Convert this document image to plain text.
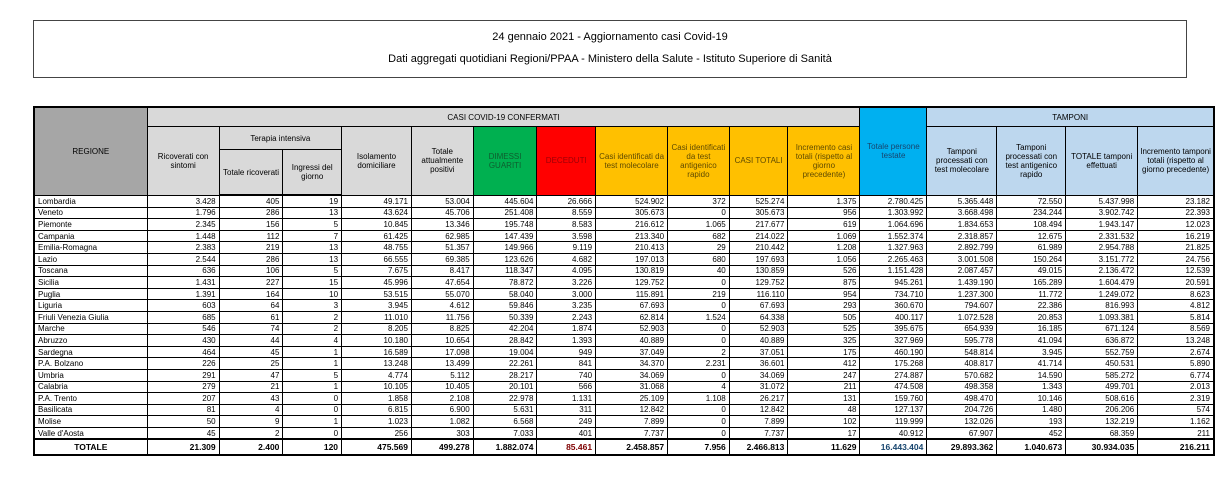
24 gennaio 2021 - Aggiornamento casi Covid-19
Dati aggregati quotidiani Regioni/PPAA - Ministero della Salute - Istituto Superiore di Sanità
REGIONE	CASI COVID-19 CONFERMATI											Totale persone testate	TAMPONI			
	Ricoverati con sintomi	Terapia intensiva		Isolamento domiciliare	Totale attualmente positivi	DIMESSI GUARITI	DECEDUTI	Casi identificati da test molecolare	Casi identificati da test antigenico rapido	CASI TOTALI	Incremento casi totali (rispetto al giorno precedente)		Tamponi processati con test molecolare	Tamponi processati con test antigenico rapido	TOTALE tamponi effettuati	Incremento tamponi totali (rispetto al giorno precedente)
		Totale ricoverati	Ingressi del giorno													
Lombardia	3.428	405	19	49.171	53.004	445.604	26.666	524.902	372	525.274	1.375	2.780.425	5.365.448	72.550	5.437.998	23.182
Veneto	1.796	286	13	43.624	45.706	251.408	8.559	305.673	0	305.673	956	1.303.992	3.668.498	234.244	3.902.742	22.393
Piemonte	2.345	156	5	10.845	13.346	195.748	8.583	216.612	1.065	217.677	619	1.064.696	1.834.653	108.494	1.943.147	12.023
Campania	1.448	112	7	61.425	62.985	147.439	3.598	213.340	682	214.022	1.069	1.552.374	2.318.857	12.675	2.331.532	16.219
Emilia-Romagna	2.383	219	13	48.755	51.357	149.966	9.119	210.413	29	210.442	1.208	1.327.963	2.892.799	61.989	2.954.788	21.825
Lazio	2.544	286	13	66.555	69.385	123.626	4.682	197.013	680	197.693	1.056	2.265.463	3.001.508	150.264	3.151.772	24.756
Toscana	636	106	5	7.675	8.417	118.347	4.095	130.819	40	130.859	526	1.151.428	2.087.457	49.015	2.136.472	12.539
Sicilia	1.431	227	15	45.996	47.654	78.872	3.226	129.752	0	129.752	875	945.261	1.439.190	165.289	1.604.479	20.591
Puglia	1.391	164	10	53.515	55.070	58.040	3.000	115.891	219	116.110	954	734.710	1.237.300	11.772	1.249.072	8.623
Liguria	603	64	3	3.945	4.612	59.846	3.235	67.693	0	67.693	293	360.670	794.607	22.386	816.993	4.812
Friuli Venezia Giulia	685	61	2	11.010	11.756	50.339	2.243	62.814	1.524	64.338	505	400.117	1.072.528	20.853	1.093.381	5.814
Marche	546	74	2	8.205	8.825	42.204	1.874	52.903	0	52.903	525	395.675	654.939	16.185	671.124	8.569
Abruzzo	430	44	4	10.180	10.654	28.842	1.393	40.889	0	40.889	325	327.969	595.778	41.094	636.872	13.248
Sardegna	464	45	1	16.589	17.098	19.004	949	37.049	2	37.051	175	460.190	548.814	3.945	552.759	2.674
P.A. Bolzano	226	25	1	13.248	13.499	22.261	841	34.370	2.231	36.601	412	175.268	408.817	41.714	450.531	5.890
Umbria	291	47	5	4.774	5.112	28.217	740	34.069	0	34.069	247	274.887	570.682	14.590	585.272	6.774
Calabria	279	21	1	10.105	10.405	20.101	566	31.068	4	31.072	211	474.508	498.358	1.343	499.701	2.013
P.A. Trento	207	43	0	1.858	2.108	22.978	1.131	25.109	1.108	26.217	131	159.760	498.470	10.146	508.616	2.319
Basilicata	81	4	0	6.815	6.900	5.631	311	12.842	0	12.842	48	127.137	204.726	1.480	206.206	574
Molise	50	9	1	1.023	1.082	6.568	249	7.899	0	7.899	102	119.999	132.026	193	132.219	1.162
Valle d'Aosta	45	2	0	256	303	7.033	401	7.737	0	7.737	17	40.912	67.907	452	68.359	211
TOTALE	21.309	2.400	120	475.569	499.278	1.882.074	85.461	2.458.857	7.956	2.466.813	11.629	16.443.404	29.893.362	1.040.673	30.934.035	216.211
